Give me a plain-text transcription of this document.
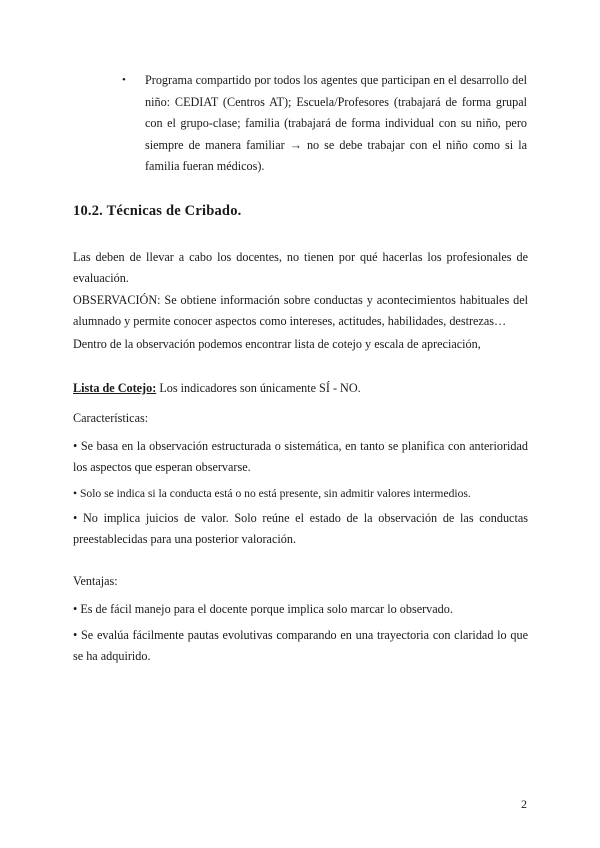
• Programa compartido por todos los agentes que participan en el desarrollo del niño: CEDIAT (Centros AT); Escuela/Profesores (trabajará de forma grupal con el grupo-clase; familia (trabajará de forma individual con su niño, pero siempre de manera familiar → no se debe trabajar con el niño como si la familia fueran médicos).
10.2. Técnicas de Cribado.

Las deben de llevar a cabo los docentes, no tienen por qué hacerlas los profesionales de evaluación.

OBSERVACIÓN: Se obtiene información sobre conductas y acontecimientos habituales del alumnado y permite conocer aspectos como intereses, actitudes, habilidades, destrezas…

Dentro de la observación podemos encontrar lista de cotejo y escala de apreciación,

Lista de Cotejo: Los indicadores son únicamente SÍ - NO.

Características:

• Se basa en la observación estructurada o sistemática, en tanto se planifica con anterioridad los aspectos que esperan observarse.

• Solo se indica si la conducta está o no está presente, sin admitir valores intermedios.

• No implica juicios de valor. Solo reúne el estado de la observación de las conductas preestablecidas para una posterior valoración.

Ventajas:

• Es de fácil manejo para el docente porque implica solo marcar lo observado.

• Se evalúa fácilmente pautas evolutivas comparando en una trayectoria con claridad lo que se ha adquirido.

2
